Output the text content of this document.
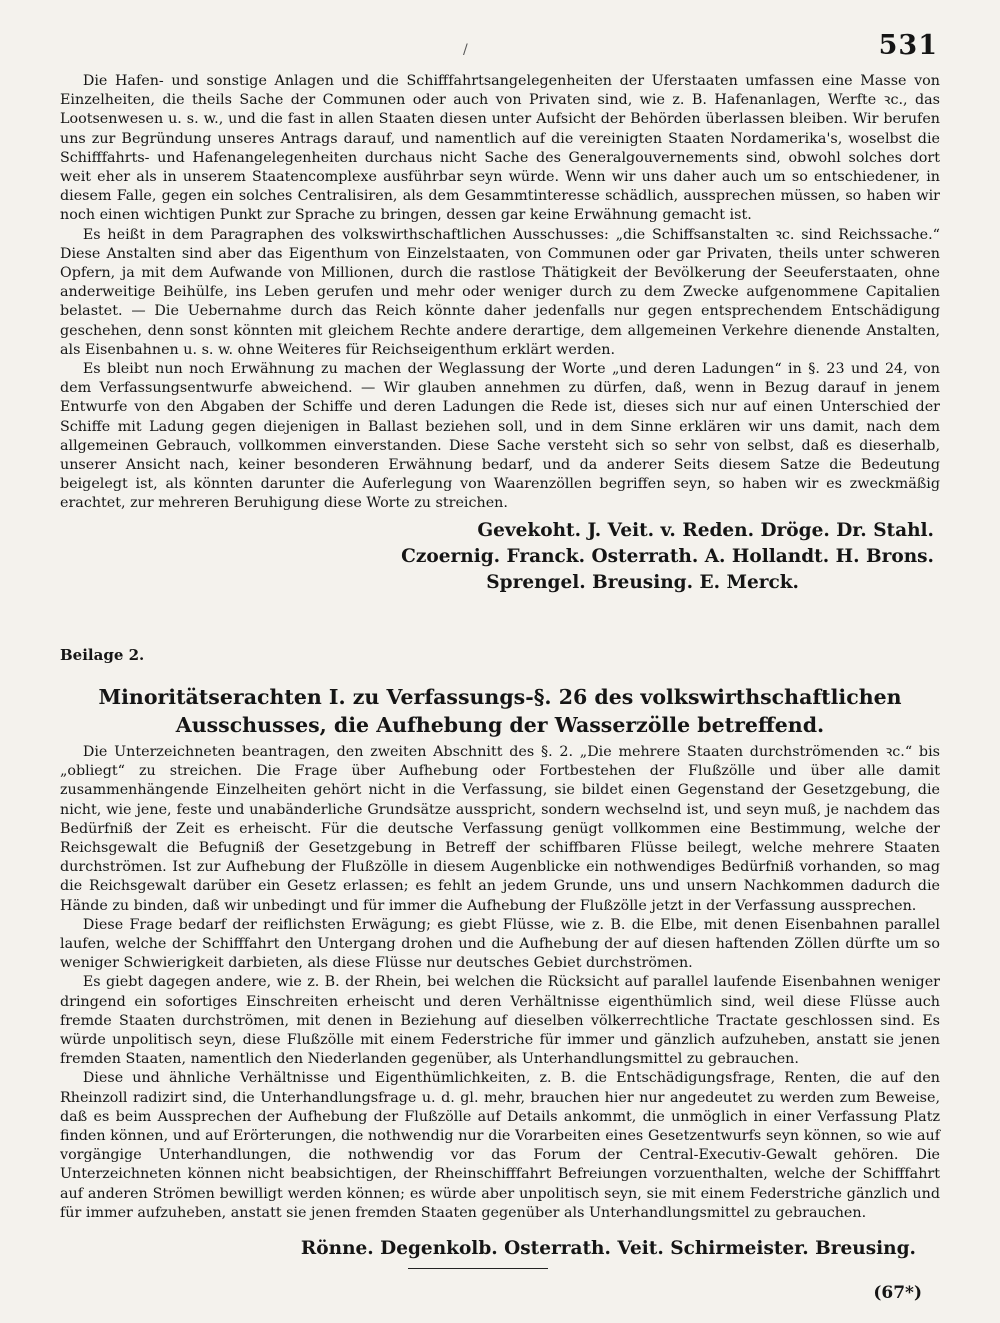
/	531

Die Hafen- und sonstige Anlagen und die Schifffahrtsangelegenheiten der Uferstaaten umfassen eine Masse von Einzelheiten, die theils Sache der Communen oder auch von Privaten sind, wie z. B. Hafenanlagen, Werfte ꝛc., das Lootsenwesen u. s. w., und die fast in allen Staaten diesen unter Aufsicht der Behörden überlassen bleiben. Wir berufen uns zur Begründung unseres Antrags darauf, und namentlich auf die vereinigten Staaten Nordamerika's, woselbst die Schifffahrts- und Hafenangelegenheiten durchaus nicht Sache des Generalgouvernements sind, obwohl solches dort weit eher als in unserem Staatencomplexe ausführbar seyn würde. Wenn wir uns daher auch um so entschiedener, in diesem Falle, gegen ein solches Centralisiren, als dem Gesammtinteresse schädlich, aussprechen müssen, so haben wir noch einen wichtigen Punkt zur Sprache zu bringen, dessen gar keine Erwähnung gemacht ist.

Es heißt in dem Paragraphen des volkswirthschaftlichen Ausschusses: „die Schiffsanstalten ꝛc. sind Reichssache.“ Diese Anstalten sind aber das Eigenthum von Einzelstaaten, von Communen oder gar Privaten, theils unter schweren Opfern, ja mit dem Aufwande von Millionen, durch die rastlose Thätigkeit der Bevölkerung der Seeuferstaaten, ohne anderweitige Beihülfe, ins Leben gerufen und mehr oder weniger durch zu dem Zwecke aufgenommene Capitalien belastet. — Die Uebernahme durch das Reich könnte daher jedenfalls nur gegen entsprechendem Entschädigung geschehen, denn sonst könnten mit gleichem Rechte andere derartige, dem allgemeinen Verkehre dienende Anstalten, als Eisenbahnen u. s. w. ohne Weiteres für Reichseigenthum erklärt werden.

Es bleibt nun noch Erwähnung zu machen der Weglassung der Worte „und deren Ladungen“ in §. 23 und 24, von dem Verfassungsentwurfe abweichend. — Wir glauben annehmen zu dürfen, daß, wenn in Bezug darauf in jenem Entwurfe von den Abgaben der Schiffe und deren Ladungen die Rede ist, dieses sich nur auf einen Unterschied der Schiffe mit Ladung gegen diejenigen in Ballast beziehen soll, und in dem Sinne erklären wir uns damit, nach dem allgemeinen Gebrauch, vollkommen einverstanden. Diese Sache versteht sich so sehr von selbst, daß es dieserhalb, unserer Ansicht nach, keiner besonderen Erwähnung bedarf, und da anderer Seits diesem Satze die Bedeutung beigelegt ist, als könnten darunter die Auferlegung von Waarenzöllen begriffen seyn, so haben wir es zweckmäßig erachtet, zur mehreren Beruhigung diese Worte zu streichen.

Gevekoht. J. Veit. v. Reden. Dröge. Dr. Stahl.
Czoernig. Franck. Osterrath. A. Hollandt. H. Brons.
Sprengel. Breusing. E. Merck.
Beilage 2.
Minoritätserachten I. zu Verfassungs-§. 26 des volkswirthschaftlichen Ausschusses, die Aufhebung der Wasserzölle betreffend.

Die Unterzeichneten beantragen, den zweiten Abschnitt des §. 2. „Die mehrere Staaten durchströmenden ꝛc.“ bis „obliegt“ zu streichen. Die Frage über Aufhebung oder Fortbestehen der Flußzölle und über alle damit zusammenhängende Einzelheiten gehört nicht in die Verfassung, sie bildet einen Gegenstand der Gesetzgebung, die nicht, wie jene, feste und unabänderliche Grundsätze ausspricht, sondern wechselnd ist, und seyn muß, je nachdem das Bedürfniß der Zeit es erheischt. Für die deutsche Verfassung genügt vollkommen eine Bestimmung, welche der Reichsgewalt die Befugniß der Gesetzgebung in Betreff der schiffbaren Flüsse beilegt, welche mehrere Staaten durchströmen. Ist zur Aufhebung der Flußzölle in diesem Augenblicke ein nothwendiges Bedürfniß vorhanden, so mag die Reichsgewalt darüber ein Gesetz erlassen; es fehlt an jedem Grunde, uns und unsern Nachkommen dadurch die Hände zu binden, daß wir unbedingt und für immer die Aufhebung der Flußzölle jetzt in der Verfassung aussprechen.

Diese Frage bedarf der reiflichsten Erwägung; es giebt Flüsse, wie z. B. die Elbe, mit denen Eisenbahnen parallel laufen, welche der Schifffahrt den Untergang drohen und die Aufhebung der auf diesen haftenden Zöllen dürfte um so weniger Schwierigkeit darbieten, als diese Flüsse nur deutsches Gebiet durchströmen.

Es giebt dagegen andere, wie z. B. der Rhein, bei welchen die Rücksicht auf parallel laufende Eisenbahnen weniger dringend ein sofortiges Einschreiten erheischt und deren Verhältnisse eigenthümlich sind, weil diese Flüsse auch fremde Staaten durchströmen, mit denen in Beziehung auf dieselben völkerrechtliche Tractate geschlossen sind. Es würde unpolitisch seyn, diese Flußzölle mit einem Federstriche für immer und gänzlich aufzuheben, anstatt sie jenen fremden Staaten, namentlich den Niederlanden gegenüber, als Unterhandlungsmittel zu gebrauchen.

Diese und ähnliche Verhältnisse und Eigenthümlichkeiten, z. B. die Entschädigungsfrage, Renten, die auf den Rheinzoll radizirt sind, die Unterhandlungsfrage u. d. gl. mehr, brauchen hier nur angedeutet zu werden zum Beweise, daß es beim Aussprechen der Aufhebung der Flußzölle auf Details ankommt, die unmöglich in einer Verfassung Platz finden können, und auf Erörterungen, die nothwendig nur die Vorarbeiten eines Gesetzentwurfs seyn können, so wie auf vorgängige Unterhandlungen, die nothwendig vor das Forum der Central-Executiv-Gewalt gehören. Die Unterzeichneten können nicht beabsichtigen, der Rheinschifffahrt Befreiungen vorzuenthalten, welche der Schifffahrt auf anderen Strömen bewilligt werden können; es würde aber unpolitisch seyn, sie mit einem Federstriche gänzlich und für immer aufzuheben, anstatt sie jenen fremden Staaten gegenüber als Unterhandlungsmittel zu gebrauchen.

Rönne. Degenkolb. Osterrath. Veit. Schirmeister. Breusing.
(67*)
